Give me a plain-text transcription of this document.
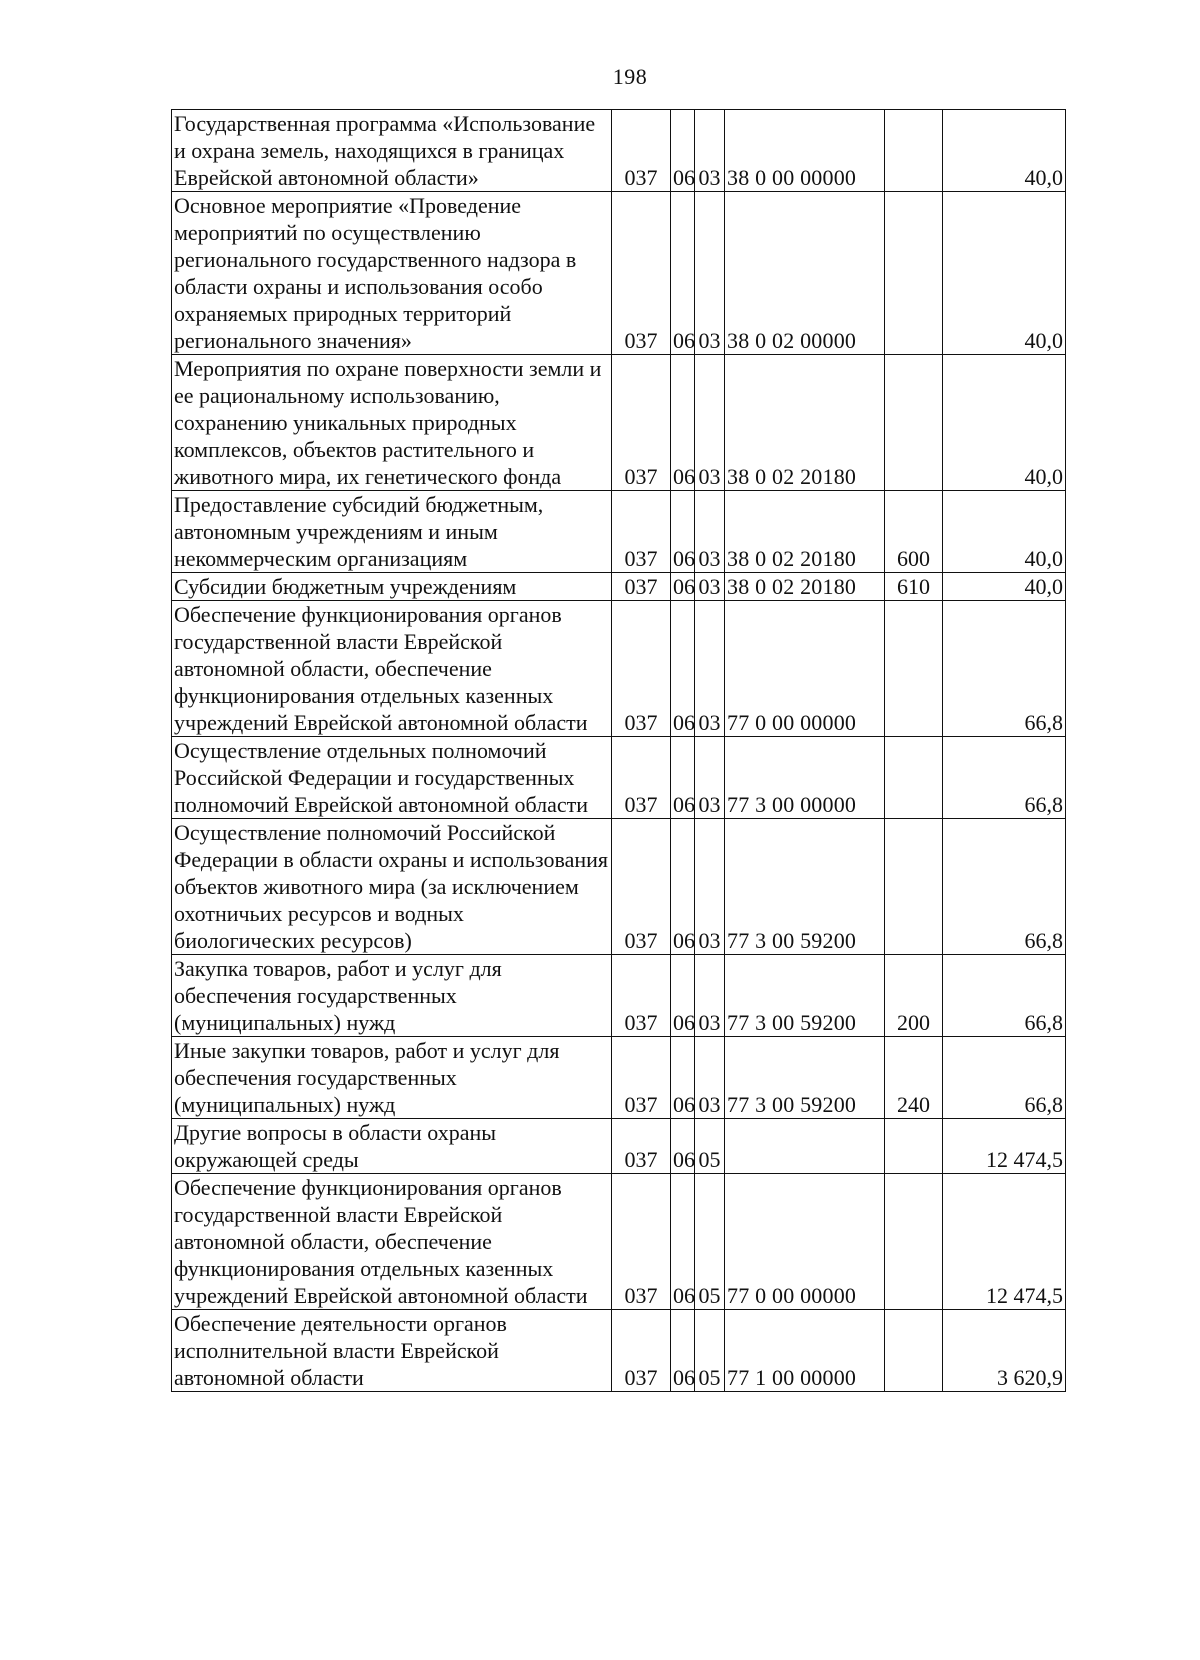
198
Государственная программа «Использование и охрана земель, находящихся в границах Еврейской автономной области»	037	06	03	38 0 00 00000		40,0
Основное мероприятие «Проведение мероприятий по осуществлению регионального государственного надзора в области охраны и использования особо охраняемых природных территорий регионального значения»	037	06	03	38 0 02 00000		40,0
Мероприятия по охране поверхности земли и ее рациональному использованию, сохранению уникальных природных комплексов, объектов растительного и животного мира, их генетического фонда	037	06	03	38 0 02 20180		40,0
Предоставление субсидий бюджетным, автономным учреждениям и иным некоммерческим организациям	037	06	03	38 0 02 20180	600	40,0
Субсидии бюджетным учреждениям	037	06	03	38 0 02 20180	610	40,0
Обеспечение функционирования органов государственной власти Еврейской автономной области, обеспечение функционирования отдельных казенных учреждений Еврейской автономной области	037	06	03	77 0 00 00000		66,8
Осуществление отдельных полномочий Российской Федерации и государственных полномочий Еврейской автономной области	037	06	03	77 3 00 00000		66,8
Осуществление полномочий Российской Федерации в области охраны и использования объектов животного мира (за исключением охотничьих ресурсов и водных биологических ресурсов)	037	06	03	77 3 00 59200		66,8
Закупка товаров, работ и услуг для обеспечения государственных (муниципальных) нужд	037	06	03	77 3 00 59200	200	66,8
Иные закупки товаров, работ и услуг для обеспечения государственных (муниципальных) нужд	037	06	03	77 3 00 59200	240	66,8
Другие вопросы в области охраны окружающей среды	037	06	05			12 474,5
Обеспечение функционирования органов государственной власти Еврейской автономной области, обеспечение функционирования отдельных казенных учреждений Еврейской автономной области	037	06	05	77 0 00 00000		12 474,5
Обеспечение деятельности органов исполнительной власти Еврейской автономной области	037	06	05	77 1 00 00000		3 620,9
